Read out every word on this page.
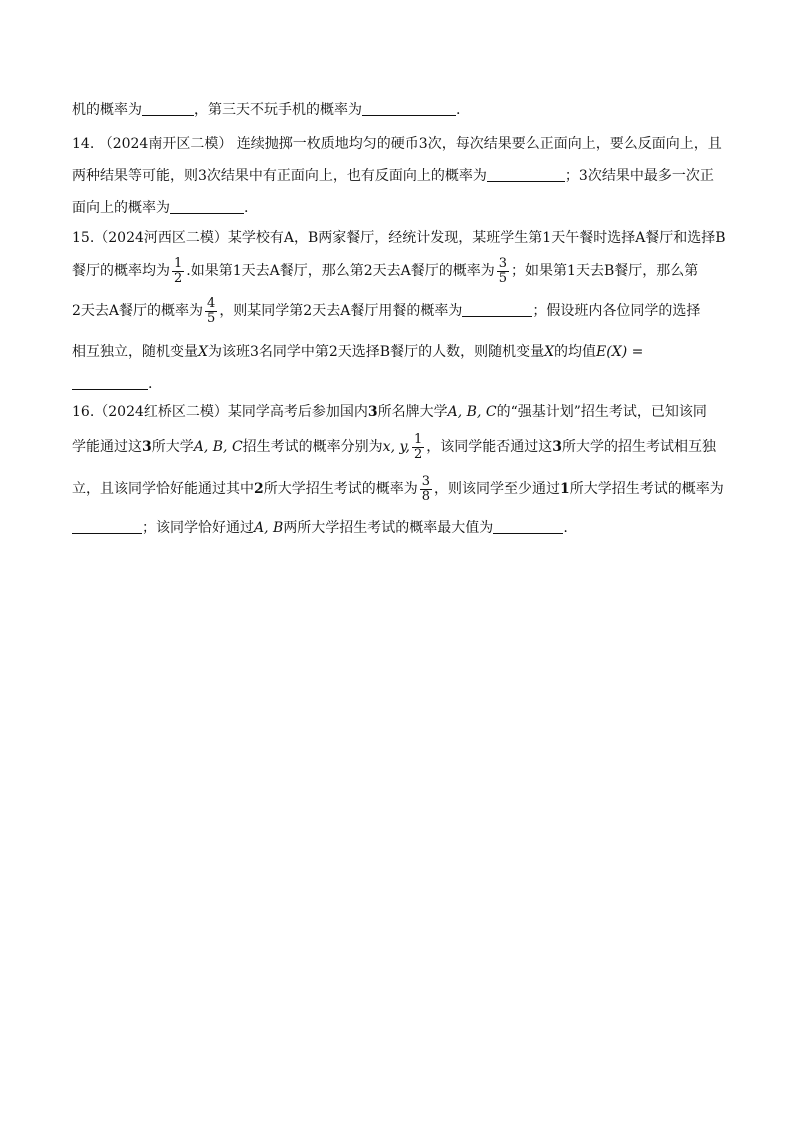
机的概率为	，第三天不玩手机的概率为	.
14. （2024南开区二模） 连续抛掷一枚质地均匀的硬币3次，每次结果要么正面向上，要么反面向上，且
两种结果等可能，则3次结果中有正面向上，也有反面向上的概率为	；3次结果中最多一次正
面向上的概率为	.
15.（2024河西区二模）某学校有A，B两家餐厅，经统计发现，某班学生第1天午餐时选择A餐厅和选择B
餐厅的概率均为 $\frac{1}{2}$ .如果第1天去A餐厅，那么第2天去A餐厅的概率为 $\frac{3}{5}$ ；如果第1天去B餐厅，那么第
2天去A餐厅的概率为 $\frac{4}{5}$ ，则某同学第2天去A餐厅用餐的概率为	；假设班内各位同学的选择
相互独立，随机变量X为该班3名同学中第2天选择B餐厅的人数，则随机变量X的均值E(X) =
.
16.（2024红桥区二模）某同学高考后参加国内3所名牌大学A, B, C的“强基计划”招生考试，已知该同
学能通过这3所大学A, B, C招生考试的概率分别为x, y, $\frac{1}{2}$ ，该同学能否通过这3所大学的招生考试相互独
立，且该同学恰好能通过其中2所大学招生考试的概率为 $\frac{3}{8}$ ，则该同学至少通过1所大学招生考试的概率为
；该同学恰好通过A, B两所大学招生考试的概率最大值为	.
